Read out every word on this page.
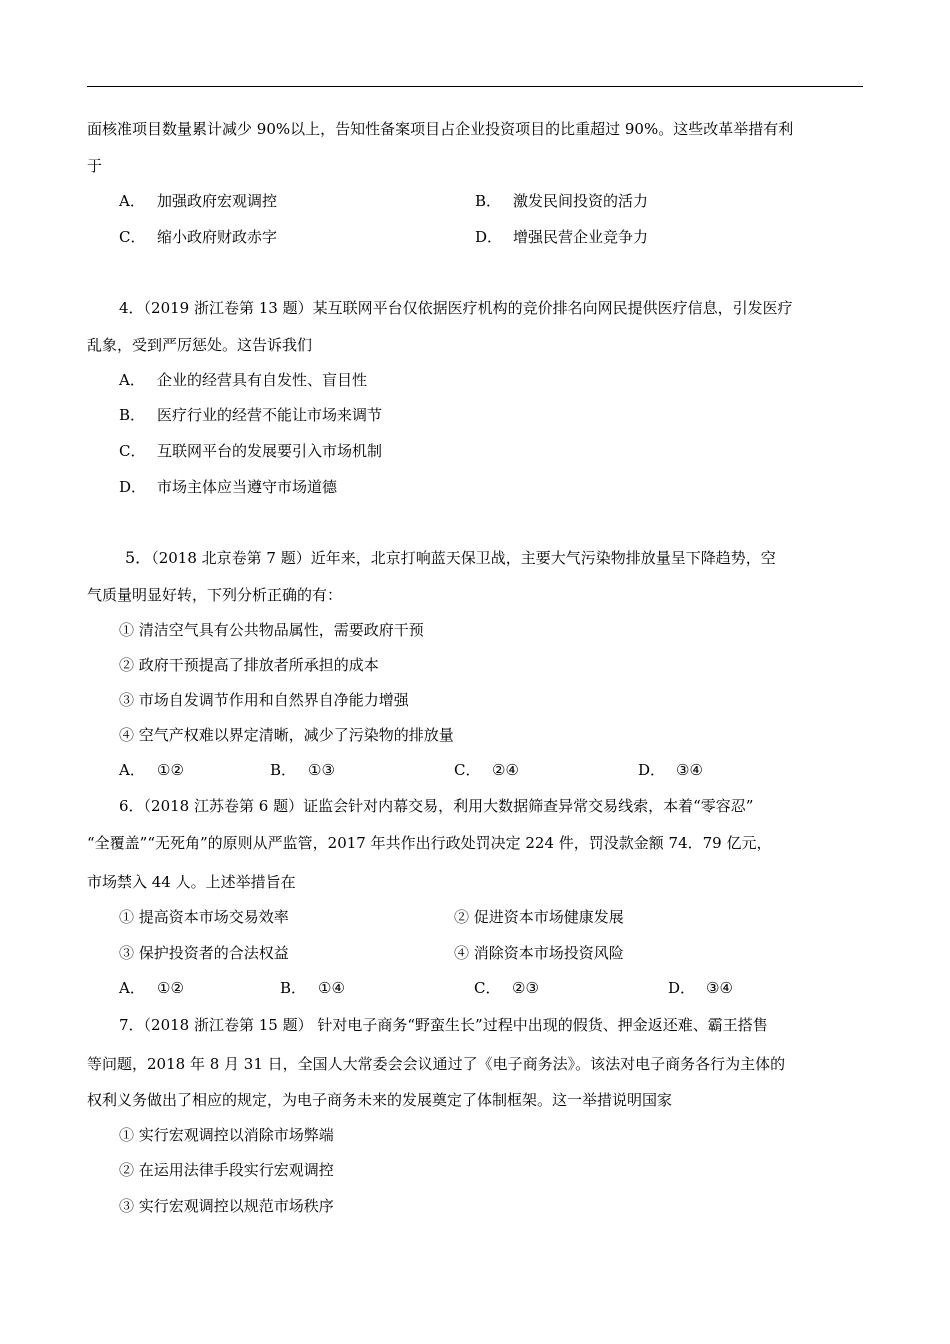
面核准项目数量累计减少 90%以上，告知性备案项目占企业投资项目的比重超过 90%。这些改革举措有利
于
A． 加强政府宏观调控	B． 激发民间投资的活力
C． 缩小政府财政赤字	D． 增强民营企业竞争力
4．（2019 浙江卷第 13 题）某互联网平台仅依据医疗机构的竞价排名向网民提供医疗信息，引发医疗
乱象，受到严厉惩处。这告诉我们
A． 企业的经营具有自发性、盲目性
B． 医疗行业的经营不能让市场来调节
C． 互联网平台的发展要引入市场机制
D． 市场主体应当遵守市场道德
5．（2018 北京卷第 7 题）近年来，北京打响蓝天保卫战，主要大气污染物排放量呈下降趋势，空
气质量明显好转，下列分析正确的有：
① 清洁空气具有公共物品属性，需要政府干预
② 政府干预提高了排放者所承担的成本
③ 市场自发调节作用和自然界自净能力增强
④ 空气产权难以界定清晰，减少了污染物的排放量
A． ①②	B． ①③	C． ②④	D． ③④
6．（2018 江苏卷第 6 题）证监会针对内幕交易，利用大数据筛查异常交易线索，本着“零容忍”
“全覆盖”“无死角”的原则从严监管，2017 年共作出行政处罚决定 224 件，罚没款金额 74．79 亿元，
市场禁入 44 人。上述举措旨在
① 提高资本市场交易效率	② 促进资本市场健康发展
③ 保护投资者的合法权益	④ 消除资本市场投资风险
A． ①②	B． ①④	C． ②③	D． ③④
7．（2018 浙江卷第 15 题） 针对电子商务“野蛮生长”过程中出现的假货、押金返还难、霸王搭售
等问题，2018 年 8 月 31 日，全国人大常委会会议通过了《电子商务法》。该法对电子商务各行为主体的
权利义务做出了相应的规定，为电子商务未来的发展奠定了体制框架。这一举措说明国家
① 实行宏观调控以消除市场弊端
② 在运用法律手段实行宏观调控
③ 实行宏观调控以规范市场秩序
